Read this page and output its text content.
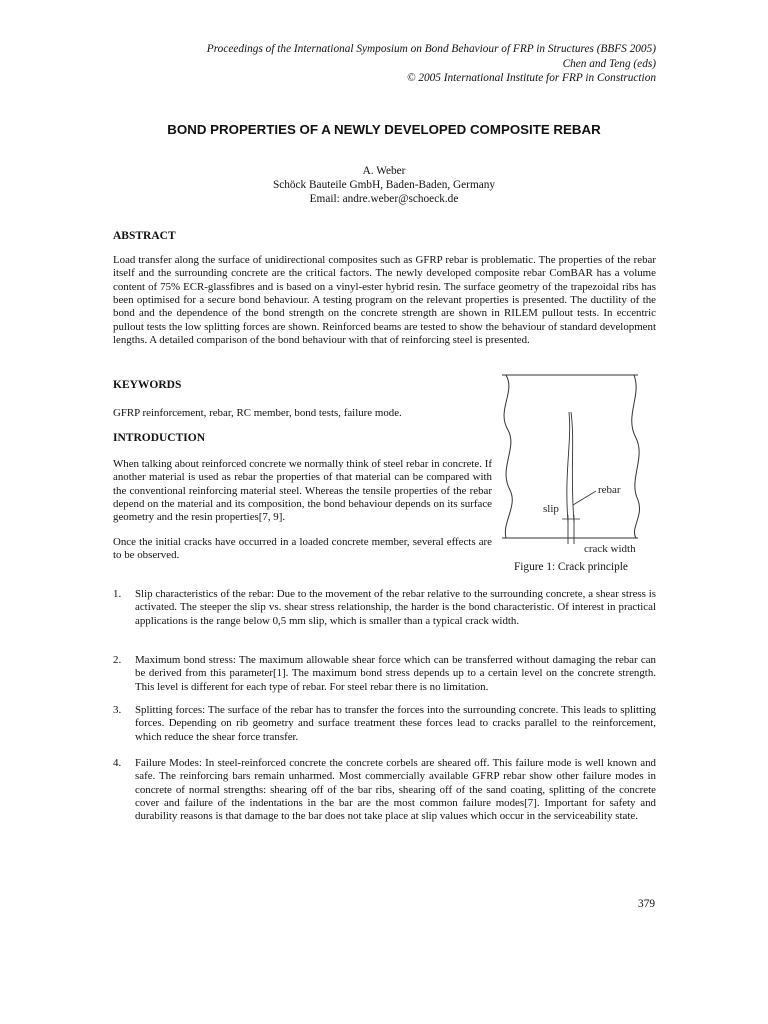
Proceedings of the International Symposium on Bond Behaviour of FRP in Structures (BBFS 2005)
Chen and Teng (eds)
© 2005 International Institute for FRP in Construction
BOND PROPERTIES OF A NEWLY DEVELOPED COMPOSITE REBAR
A. Weber
Schöck Bauteile GmbH, Baden-Baden, Germany
Email: andre.weber@schoeck.de
ABSTRACT

Load transfer along the surface of unidirectional composites such as GFRP rebar is problematic. The properties of the rebar itself and the surrounding concrete are the critical factors. The newly developed composite rebar ComBAR has a volume content of 75% ECR-glassfibres and is based on a vinyl-ester hybrid resin. The surface geometry of the trapezoidal ribs has been optimised for a secure bond behaviour. A testing program on the relevant properties is presented. The ductility of the bond and the dependence of the bond strength on the concrete strength are shown in RILEM pullout tests. In eccentric pullout tests the low splitting forces are shown. Reinforced beams are tested to show the behaviour of standard development lengths. A detailed comparison of the bond behaviour with that of reinforcing steel is presented.

KEYWORDS

GFRP reinforcement, rebar, RC member, bond tests, failure mode.

INTRODUCTION

When talking about reinforced concrete we normally think of steel rebar in concrete. If another material is used as rebar the properties of that material can be compared with the conventional reinforcing material steel. Whereas the tensile properties of the rebar depend on the material and its composition, the bond behaviour depends on its surface geometry and the resin properties[7, 9].

Once the initial cracks have occurred in a loaded concrete member, several effects are to be observed.

rebar
slip
crack width
Figure 1: Crack principle
1. Slip characteristics of the rebar: Due to the movement of the rebar relative to the surrounding concrete, a shear stress is activated. The steeper the slip vs. shear stress relationship, the harder is the bond characteristic. Of interest in practical applications is the range below 0,5 mm slip, which is smaller than a typical crack width.
2. Maximum bond stress: The maximum allowable shear force which can be transferred without damaging the rebar can be derived from this parameter[1]. The maximum bond stress depends up to a certain level on the concrete strength. This level is different for each type of rebar. For steel rebar there is no limitation.
3. Splitting forces: The surface of the rebar has to transfer the forces into the surrounding concrete. This leads to splitting forces. Depending on rib geometry and surface treatment these forces lead to cracks parallel to the reinforcement, which reduce the shear force transfer.
4. Failure Modes: In steel-reinforced concrete the concrete corbels are sheared off. This failure mode is well known and safe. The reinforcing bars remain unharmed. Most commercially available GFRP rebar show other failure modes in concrete of normal strengths: shearing off of the bar ribs, shearing off of the sand coating, splitting of the concrete cover and failure of the indentations in the bar are the most common failure modes[7]. Important for safety and durability reasons is that damage to the bar does not take place at slip values which occur in the serviceability state.
379
